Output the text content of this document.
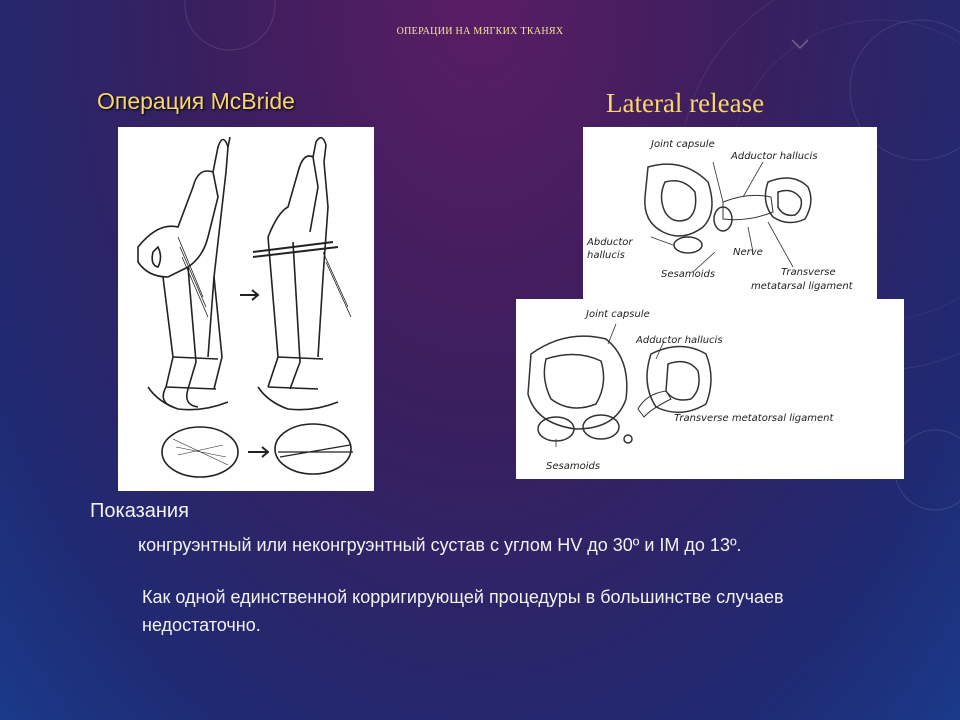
ОПЕРАЦИИ НА МЯГКИХ ТКАНЯХ
Операция McBride	Lateral release
Joint capsule
Adductor hallucis
Abductor
hallucis
Sesamoids
Nerve
Transverse
metatarsal ligament
Joint capsule
Adductor hallucis
Transverse metatorsal ligament
Sesamoids

Показания

конгруэнтный или неконгруэнтный сустав с углом HV до 30º и IM до 13º.

Как одной единственной корригирующей процедуры в большинстве случаев недостаточно.
